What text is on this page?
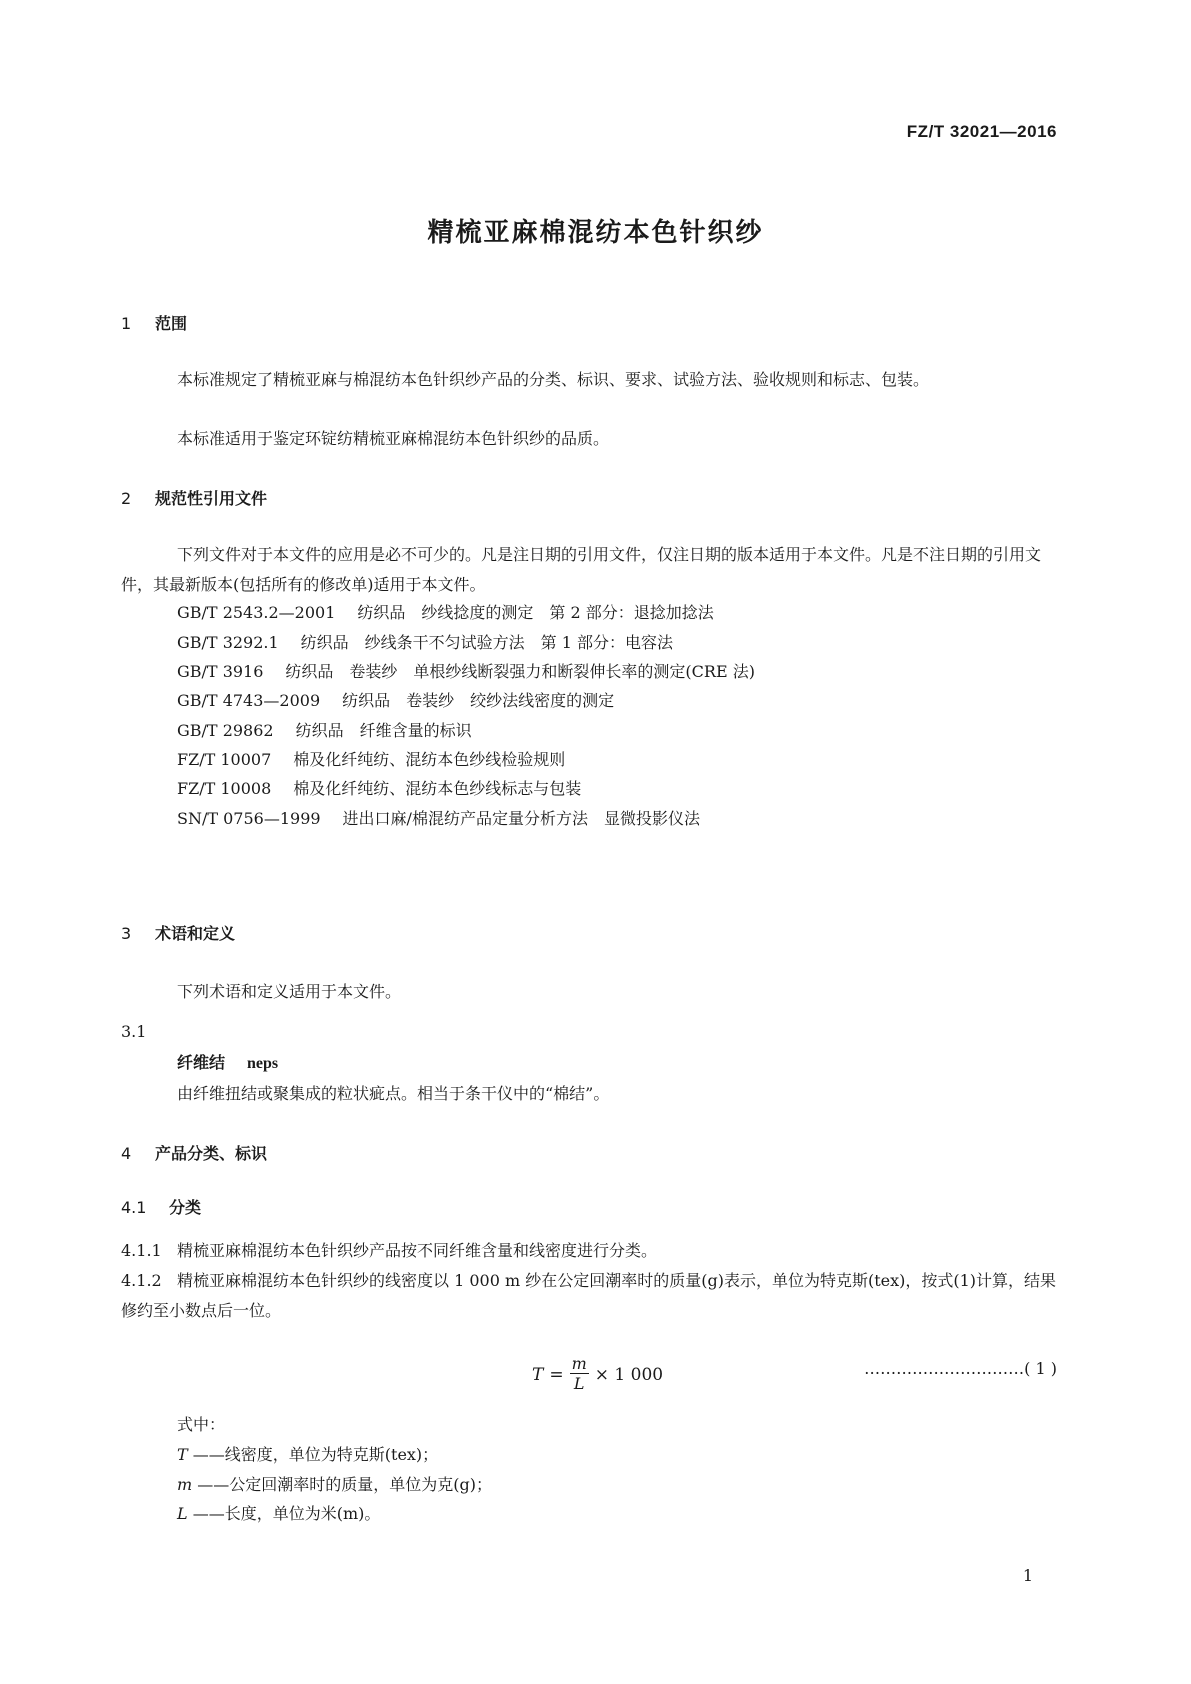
FZ/T 32021—2016
精梳亚麻棉混纺本色针织纱
1 范围

本标准规定了精梳亚麻与棉混纺本色针织纱产品的分类、标识、要求、试验方法、验收规则和标志、包装。

本标准适用于鉴定环锭纺精梳亚麻棉混纺本色针织纱的品质。

2 规范性引用文件

下列文件对于本文件的应用是必不可少的。凡是注日期的引用文件，仅注日期的版本适用于本文件。凡是不注日期的引用文件，其最新版本(包括所有的修改单)适用于本文件。

GB/T 2543.2—2001 纺织品　纱线捻度的测定　第 2 部分：退捻加捻法
GB/T 3292.1 纺织品　纱线条干不匀试验方法　第 1 部分：电容法
GB/T 3916 纺织品　卷装纱　单根纱线断裂强力和断裂伸长率的测定(CRE 法)
GB/T 4743—2009 纺织品　卷装纱　绞纱法线密度的测定
GB/T 29862 纺织品　纤维含量的标识
FZ/T 10007 棉及化纤纯纺、混纺本色纱线检验规则
FZ/T 10008 棉及化纤纯纺、混纺本色纱线标志与包装
SN/T 0756—1999 进出口麻/棉混纺产品定量分析方法　显微投影仪法
3 术语和定义

下列术语和定义适用于本文件。

3.1
纤维结 neps

由纤维扭结或聚集成的粒状疵点。相当于条干仪中的“棉结”。

4 产品分类、标识
4.1 分类

4.1.1 精梳亚麻棉混纺本色针织纱产品按不同纤维含量和线密度进行分类。

4.1.2 精梳亚麻棉混纺本色针织纱的线密度以 1 000 m 纱在公定回潮率时的质量(g)表示，单位为特克斯(tex)，按式(1)计算，结果修约至小数点后一位。

$T = \frac{m}{L} \times 1$ 000	…………………………( 1 )
式中：
T ——线密度，单位为特克斯(tex)；
m ——公定回潮率时的质量，单位为克(g)；
L ——长度，单位为米(m)。
1
